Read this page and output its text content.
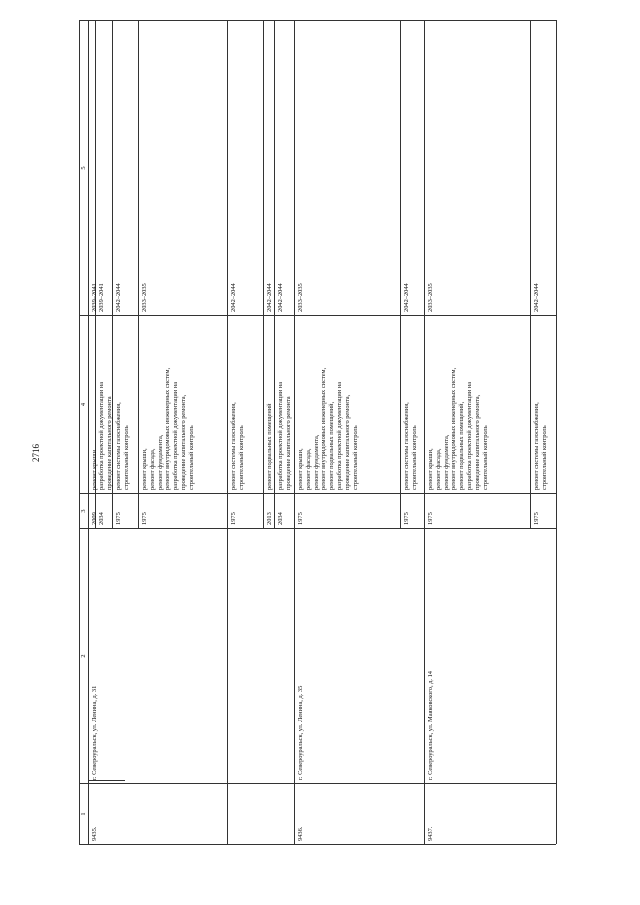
2716
1
2
3
4
5
9435.
г. Североуральск, ул. Ленина, д. 31
2009
ремонт крыши
2039–2041
2034
разработка проектной документации на
проведение капитального ремонта
2039–2041
1975
ремонт системы газоснабжения,
строительный контроль
2042–2044
1975
ремонт крыши,
ремонт фасада,
ремонт фундамента,
ремонт внутридомовых инженерных систем,
разработка проектной документации на
проведение капитального ремонта,
строительный контроль
2033–2035
1975
ремонт системы газоснабжения,
строительный контроль
2042–2044
2013
ремонт подвальных помещений
2042–2044
2034
разработка проектной документации на
проведение капитального ремонта
2042–2044
9436.
г. Североуральск, ул. Ленина, д. 35
1975
ремонт крыши,
ремонт фасада,
ремонт фундамента,
ремонт внутридомовых инженерных систем,
ремонт подвальных помещений,
разработка проектной документации на
проведение капитального ремонта,
строительный контроль
2033–2035
1975
ремонт системы газоснабжения,
строительный контроль
2042–2044
9437.
г. Североуральск, ул. Маяковского, д. 14
1975
ремонт крыши,
ремонт фасада,
ремонт фундамента,
ремонт внутридомовых инженерных систем,
ремонт подвальных помещений,
разработка проектной документации на
проведение капитального ремонта,
строительный контроль
2033–2035
1975
ремонт системы газоснабжения,
строительный контроль
2042–2044
